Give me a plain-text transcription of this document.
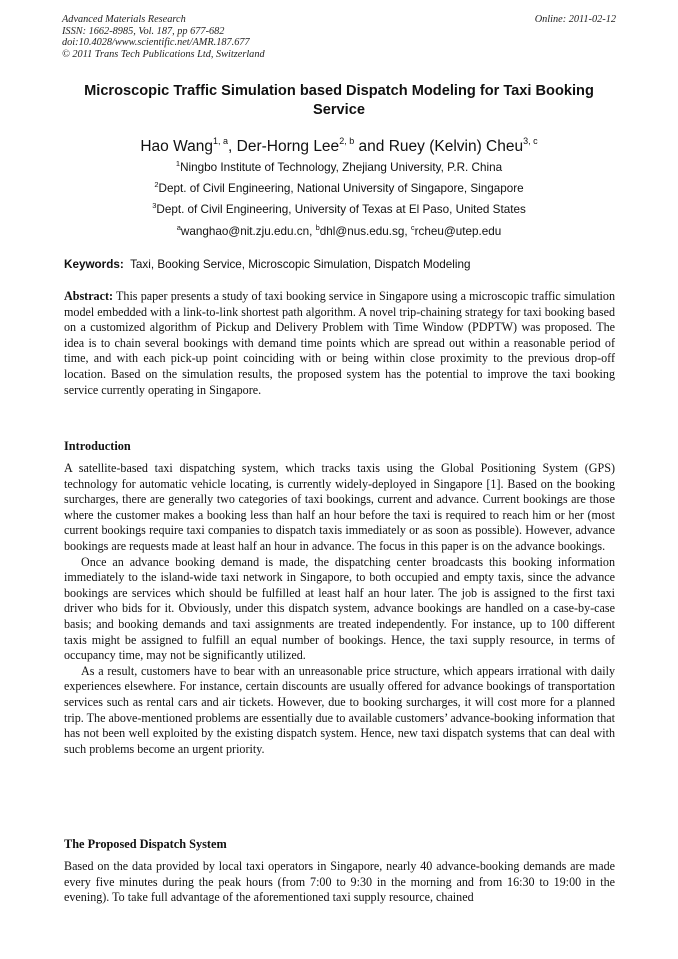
Advanced Materials Research
ISSN: 1662-8985, Vol. 187, pp 677-682
doi:10.4028/www.scientific.net/AMR.187.677
© 2011 Trans Tech Publications Ltd, Switzerland
Online: 2011-02-12
Microscopic Traffic Simulation based Dispatch Modeling for Taxi Booking Service
Hao Wang$^{1, a}$, Der-Horng Lee$^{2, b}$ and Ruey (Kelvin) Cheu$^{3, c}$
$^1$Ningbo Institute of Technology, Zhejiang University, P.R. China
$^2$Dept. of Civil Engineering, National University of Singapore, Singapore
$^3$Dept. of Civil Engineering, University of Texas at El Paso, United States
$^a$wanghao@nit.zju.edu.cn, $^b$dhl@nus.edu.sg, $^c$rcheu@utep.edu
Keywords: Taxi, Booking Service, Microscopic Simulation, Dispatch Modeling

Abstract: This paper presents a study of taxi booking service in Singapore using a microscopic traffic simulation model embedded with a link-to-link shortest path algorithm. A novel trip-chaining strategy for taxi booking based on a customized algorithm of Pickup and Delivery Problem with Time Window (PDPTW) was proposed. The idea is to chain several bookings with demand time points which are spread out within a reasonable period of time, and with each pick-up point coinciding with or being within close proximity to the previous drop-off location. Based on the simulation results, the proposed system has the potential to improve the taxi booking service currently operating in Singapore.

Introduction

A satellite-based taxi dispatching system, which tracks taxis using the Global Positioning System (GPS) technology for automatic vehicle locating, is currently widely-deployed in Singapore [1]. Based on the booking surcharges, there are generally two categories of taxi bookings, current and advance. Current bookings are those where the customer makes a booking less than half an hour before the taxi is required to reach him or her (most current bookings require taxi companies to dispatch taxis immediately or as soon as possible). However, advance bookings are requests made at least half an hour in advance. The focus in this paper is on the advance bookings.

Once an advance booking demand is made, the dispatching center broadcasts this booking information immediately to the island-wide taxi network in Singapore, to both occupied and empty taxis, since the advance bookings are services which should be fulfilled at least half an hour later. The job is assigned to the first taxi driver who bids for it. Obviously, under this dispatch system, advance bookings are handled on a case-by-case basis; and booking demands and taxi assignments are treated independently. For instance, up to 100 different taxis might be assigned to fulfill an equal number of bookings. Hence, the taxi supply resource, in terms of occupancy time, may not be significantly utilized.

As a result, customers have to bear with an unreasonable price structure, which appears irrational with daily experiences elsewhere. For instance, certain discounts are usually offered for advance bookings of transportation services such as rental cars and air tickets. However, due to booking surcharges, it will cost more for a planned trip. The above-mentioned problems are essentially due to available customers’ advance-booking information that has not been well exploited by the existing dispatch system. Hence, new taxi dispatch systems that can deal with such problems become an urgent priority.

The Proposed Dispatch System

Based on the data provided by local taxi operators in Singapore, nearly 40 advance-booking demands are made every five minutes during the peak hours (from 7:00 to 9:30 in the morning and from 16:30 to 19:00 in the evening). To take full advantage of the aforementioned taxi supply resource, chained
